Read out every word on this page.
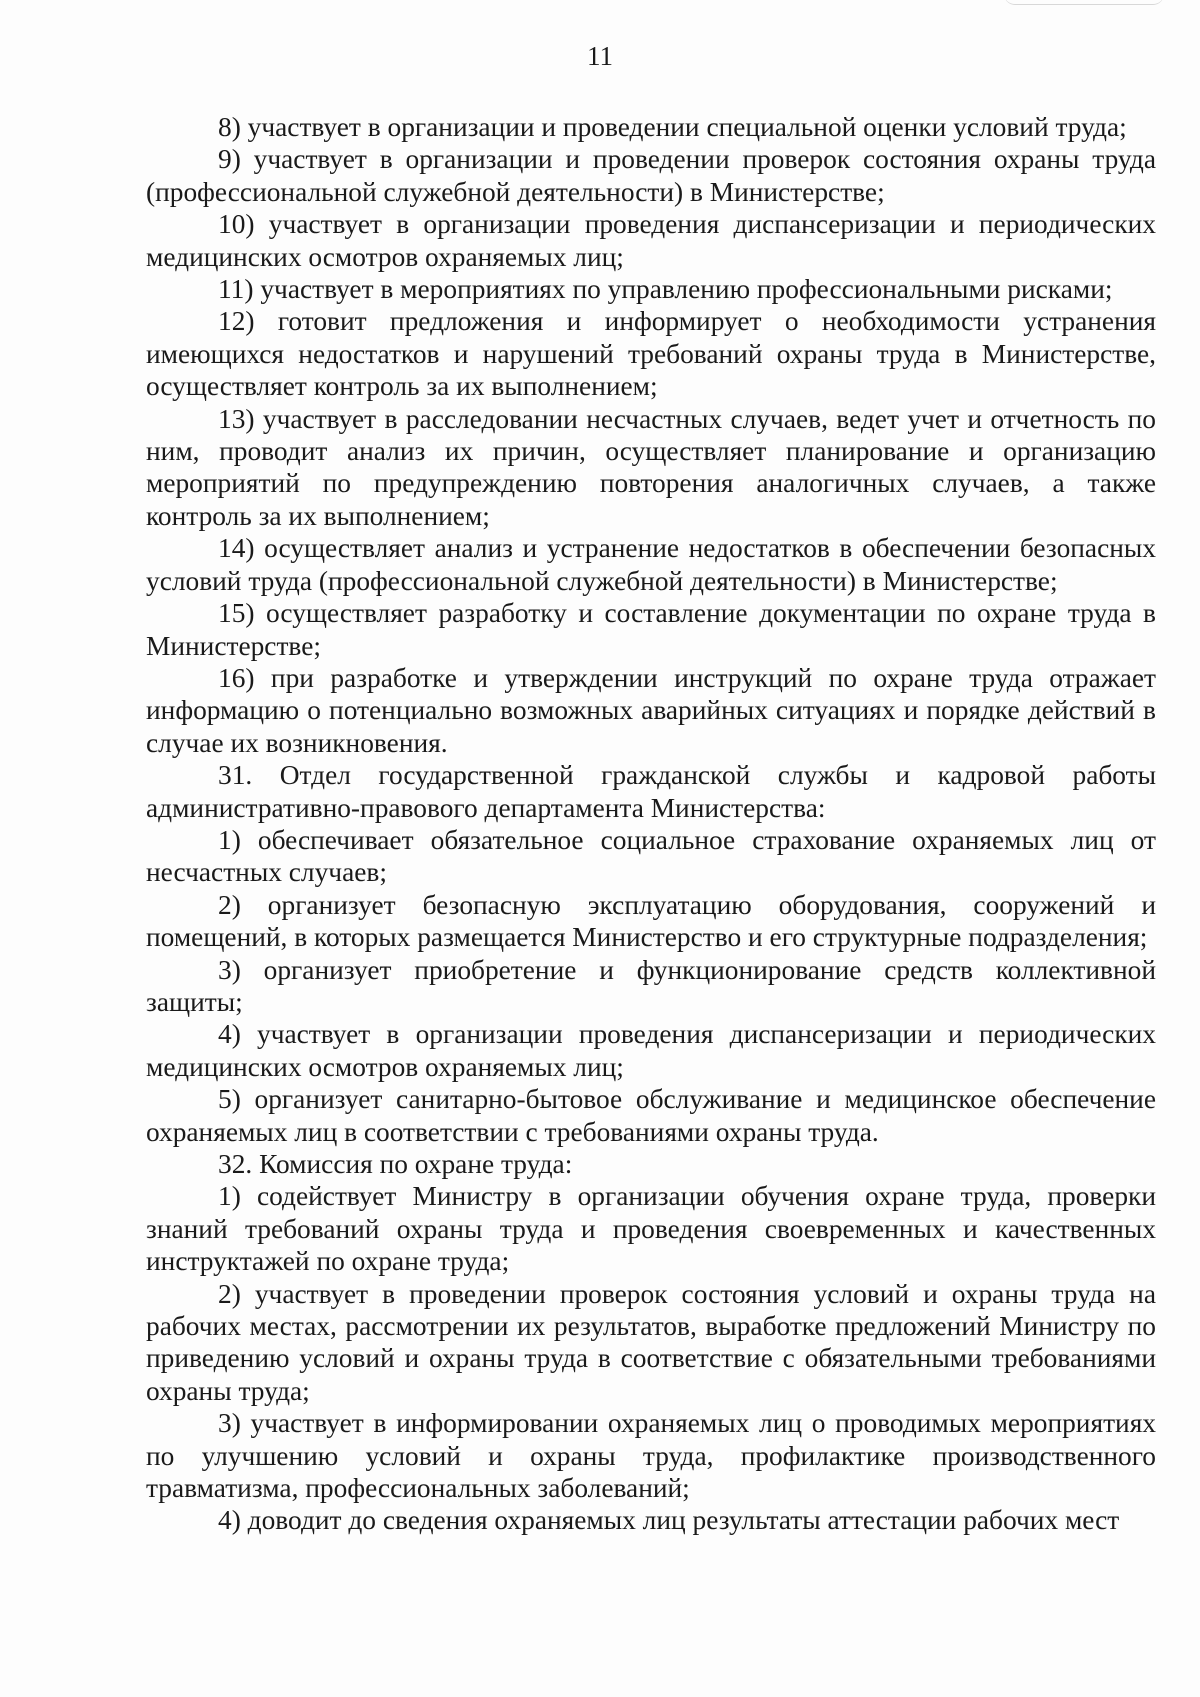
11

8) участвует в организации и проведении специальной оценки условий труда;

9) участвует в организации и проведении проверок состояния охраны труда (профессиональной служебной деятельности) в Министерстве;

10) участвует в организации проведения диспансеризации и периодических медицинских осмотров охраняемых лиц;

11) участвует в мероприятиях по управлению профессиональными рисками;

12) готовит предложения и информирует о необходимости устранения имеющихся недостатков и нарушений требований охраны труда в Министерстве, осуществляет контроль за их выполнением;

13) участвует в расследовании несчастных случаев, ведет учет и отчетность по ним, проводит анализ их причин, осуществляет планирование и организацию мероприятий по предупреждению повторения аналогичных случаев, а также контроль за их выполнением;

14) осуществляет анализ и устранение недостатков в обеспечении безопасных условий труда (профессиональной служебной деятельности) в Министерстве;

15) осуществляет разработку и составление документации по охране труда в Министерстве;

16) при разработке и утверждении инструкций по охране труда отражает информацию о потенциально возможных аварийных ситуациях и порядке действий в случае их возникновения.

31. Отдел государственной гражданской службы и кадровой работы административно-правового департамента Министерства:

1) обеспечивает обязательное социальное страхование охраняемых лиц от несчастных случаев;

2) организует безопасную эксплуатацию оборудования, сооружений и помещений, в которых размещается Министерство и его структурные подразделения;

3) организует приобретение и функционирование средств коллективной защиты;

4) участвует в организации проведения диспансеризации и периодических медицинских осмотров охраняемых лиц;

5) организует санитарно-бытовое обслуживание и медицинское обеспечение охраняемых лиц в соответствии с требованиями охраны труда.

32. Комиссия по охране труда:

1) содействует Министру в организации обучения охране труда, проверки знаний требований охраны труда и проведения своевременных и качественных инструктажей по охране труда;

2) участвует в проведении проверок состояния условий и охраны труда на рабочих местах, рассмотрении их результатов, выработке предложений Министру по приведению условий и охраны труда в соответствие с обязательными требованиями охраны труда;

3) участвует в информировании охраняемых лиц о проводимых мероприятиях по улучшению условий и охраны труда, профилактике производственного травматизма, профессиональных заболеваний;

4) доводит до сведения охраняемых лиц результаты аттестации рабочих мест
